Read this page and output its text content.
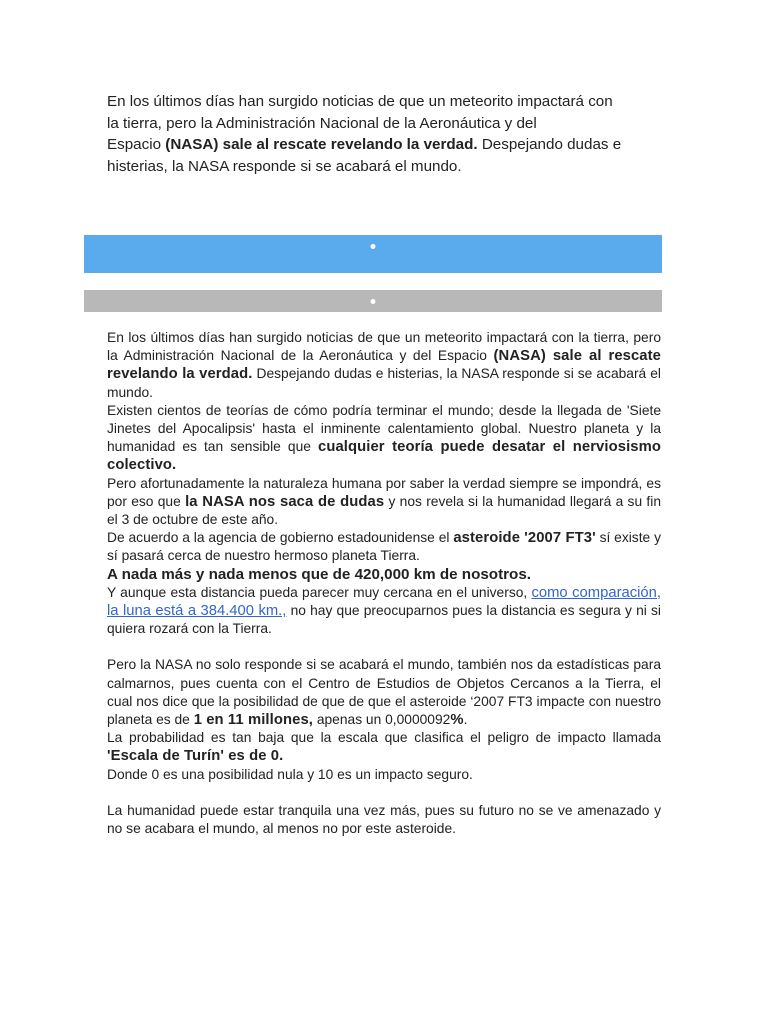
En los últimos días han surgido noticias de que un meteorito impactará con
la tierra, pero la Administración Nacional de la Aeronáutica y del
Espacio (NASA) sale al rescate revelando la verdad. Despejando dudas e
histerias, la NASA responde si se acabará el mundo.

En los últimos días han surgido noticias de que un meteorito impactará con la tierra, pero la Administración Nacional de la Aeronáutica y del Espacio (NASA) sale al rescate revelando la verdad. Despejando dudas e histerias, la NASA responde si se acabará el mundo.

Existen cientos de teorías de cómo podría terminar el mundo; desde la llegada de 'Siete Jinetes del Apocalipsis' hasta el inminente calentamiento global. Nuestro planeta y la humanidad es tan sensible que cualquier teoría puede desatar el nerviosismo colectivo.

Pero afortunadamente la naturaleza humana por saber la verdad siempre se impondrá, es por eso que la NASA nos saca de dudas y nos revela si la humanidad llegará a su fin el 3 de octubre de este año.

De acuerdo a la agencia de gobierno estadounidense el asteroide '2007 FT3' sí existe y sí pasará cerca de nuestro hermoso planeta Tierra.

A nada más y nada menos que de 420,000 km de nosotros.

Y aunque esta distancia pueda parecer muy cercana en el universo, como comparación, la luna está a 384.400 km., no hay que preocuparnos pues la distancia es segura y ni si quiera rozará con la Tierra.

Pero la NASA no solo responde si se acabará el mundo, también nos da estadísticas para calmarnos, pues cuenta con el Centro de Estudios de Objetos Cercanos a la Tierra, el cual nos dice que la posibilidad de que de que el asteroide ‘2007 FT3 impacte con nuestro planeta es de 1 en 11 millones, apenas un 0,0000092%.

La probabilidad es tan baja que la escala que clasifica el peligro de impacto llamada 'Escala de Turín' es de 0.

Donde 0 es una posibilidad nula y 10 es un impacto seguro.

La humanidad puede estar tranquila una vez más, pues su futuro no se ve amenazado y no se acabara el mundo, al menos no por este asteroide.
